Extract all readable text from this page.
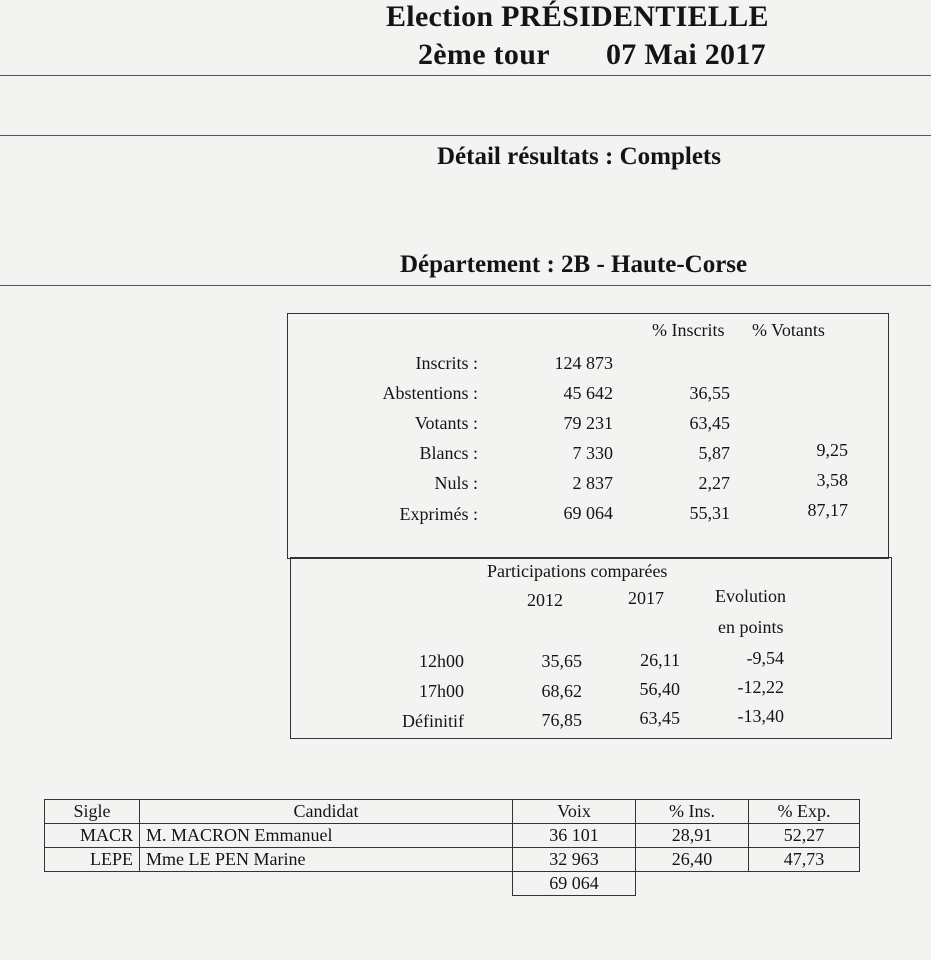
Election PRÉSIDENTIELLE
2ème tour 07 Mai 2017
Détail résultats : Complets
Département : 2B - Haute-Corse
% Inscrits % Votants
Inscrits :	124 873
Abstentions :	45 642	36,55
Votants :	79 231	63,45
Blancs :	7 330	5,87	9,25
Nuls :	2 837	2,27	3,58
Exprimés :	69 064	55,31	87,17
Participations comparées
2012	2017	Evolution
en points
12h00	35,65	26,11	-9,54
17h00	68,62	56,40	-12,22
Définitif	76,85	63,45	-13,40
Sigle	Candidat	Voix	% Ins.	% Exp.
MACR	M. MACRON Emmanuel	36 101	28,91	52,27
LEPE	Mme LE PEN Marine	32 963	26,40	47,73
		69 064		
